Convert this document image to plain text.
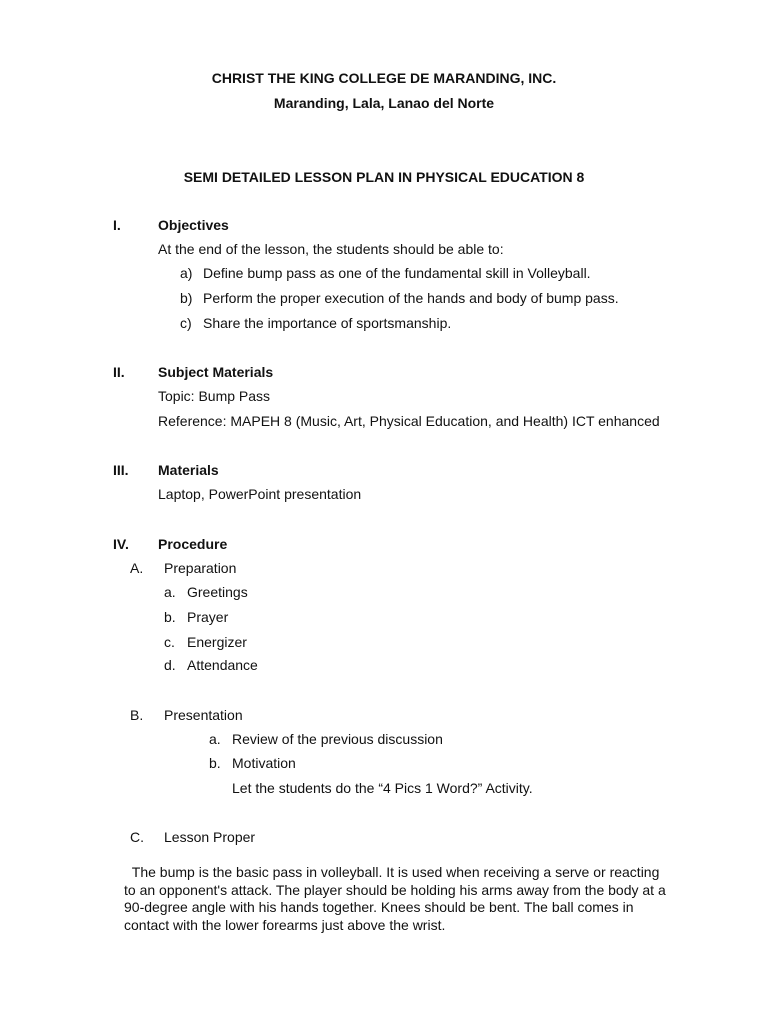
CHRIST THE KING COLLEGE DE MARANDING, INC.
Maranding, Lala, Lanao del Norte
SEMI DETAILED LESSON PLAN IN PHYSICAL EDUCATION 8
I.	Objectives
At the end of the lesson, the students should be able to:
a) Define bump pass as one of the fundamental skill in Volleyball.
b) Perform the proper execution of the hands and body of bump pass.
c) Share the importance of sportsmanship.
II. Subject Materials
Topic: Bump Pass
Reference: MAPEH 8 (Music, Art, Physical Education, and Health) ICT enhanced
III. Materials
Laptop, PowerPoint presentation
IV. Procedure
A. Preparation
a. Greetings
b. Prayer
c. Energizer
d. Attendance
B. Presentation
a. Review of the previous discussion
b. Motivation
Let the students do the “4 Pics 1 Word?” Activity.
C. Lesson Proper
The bump is the basic pass in volleyball. It is used when receiving a serve or reacting to an opponent's attack. The player should be holding his arms away from the body at a 90-degree angle with his hands together. Knees should be bent. The ball comes in contact with the lower forearms just above the wrist.
